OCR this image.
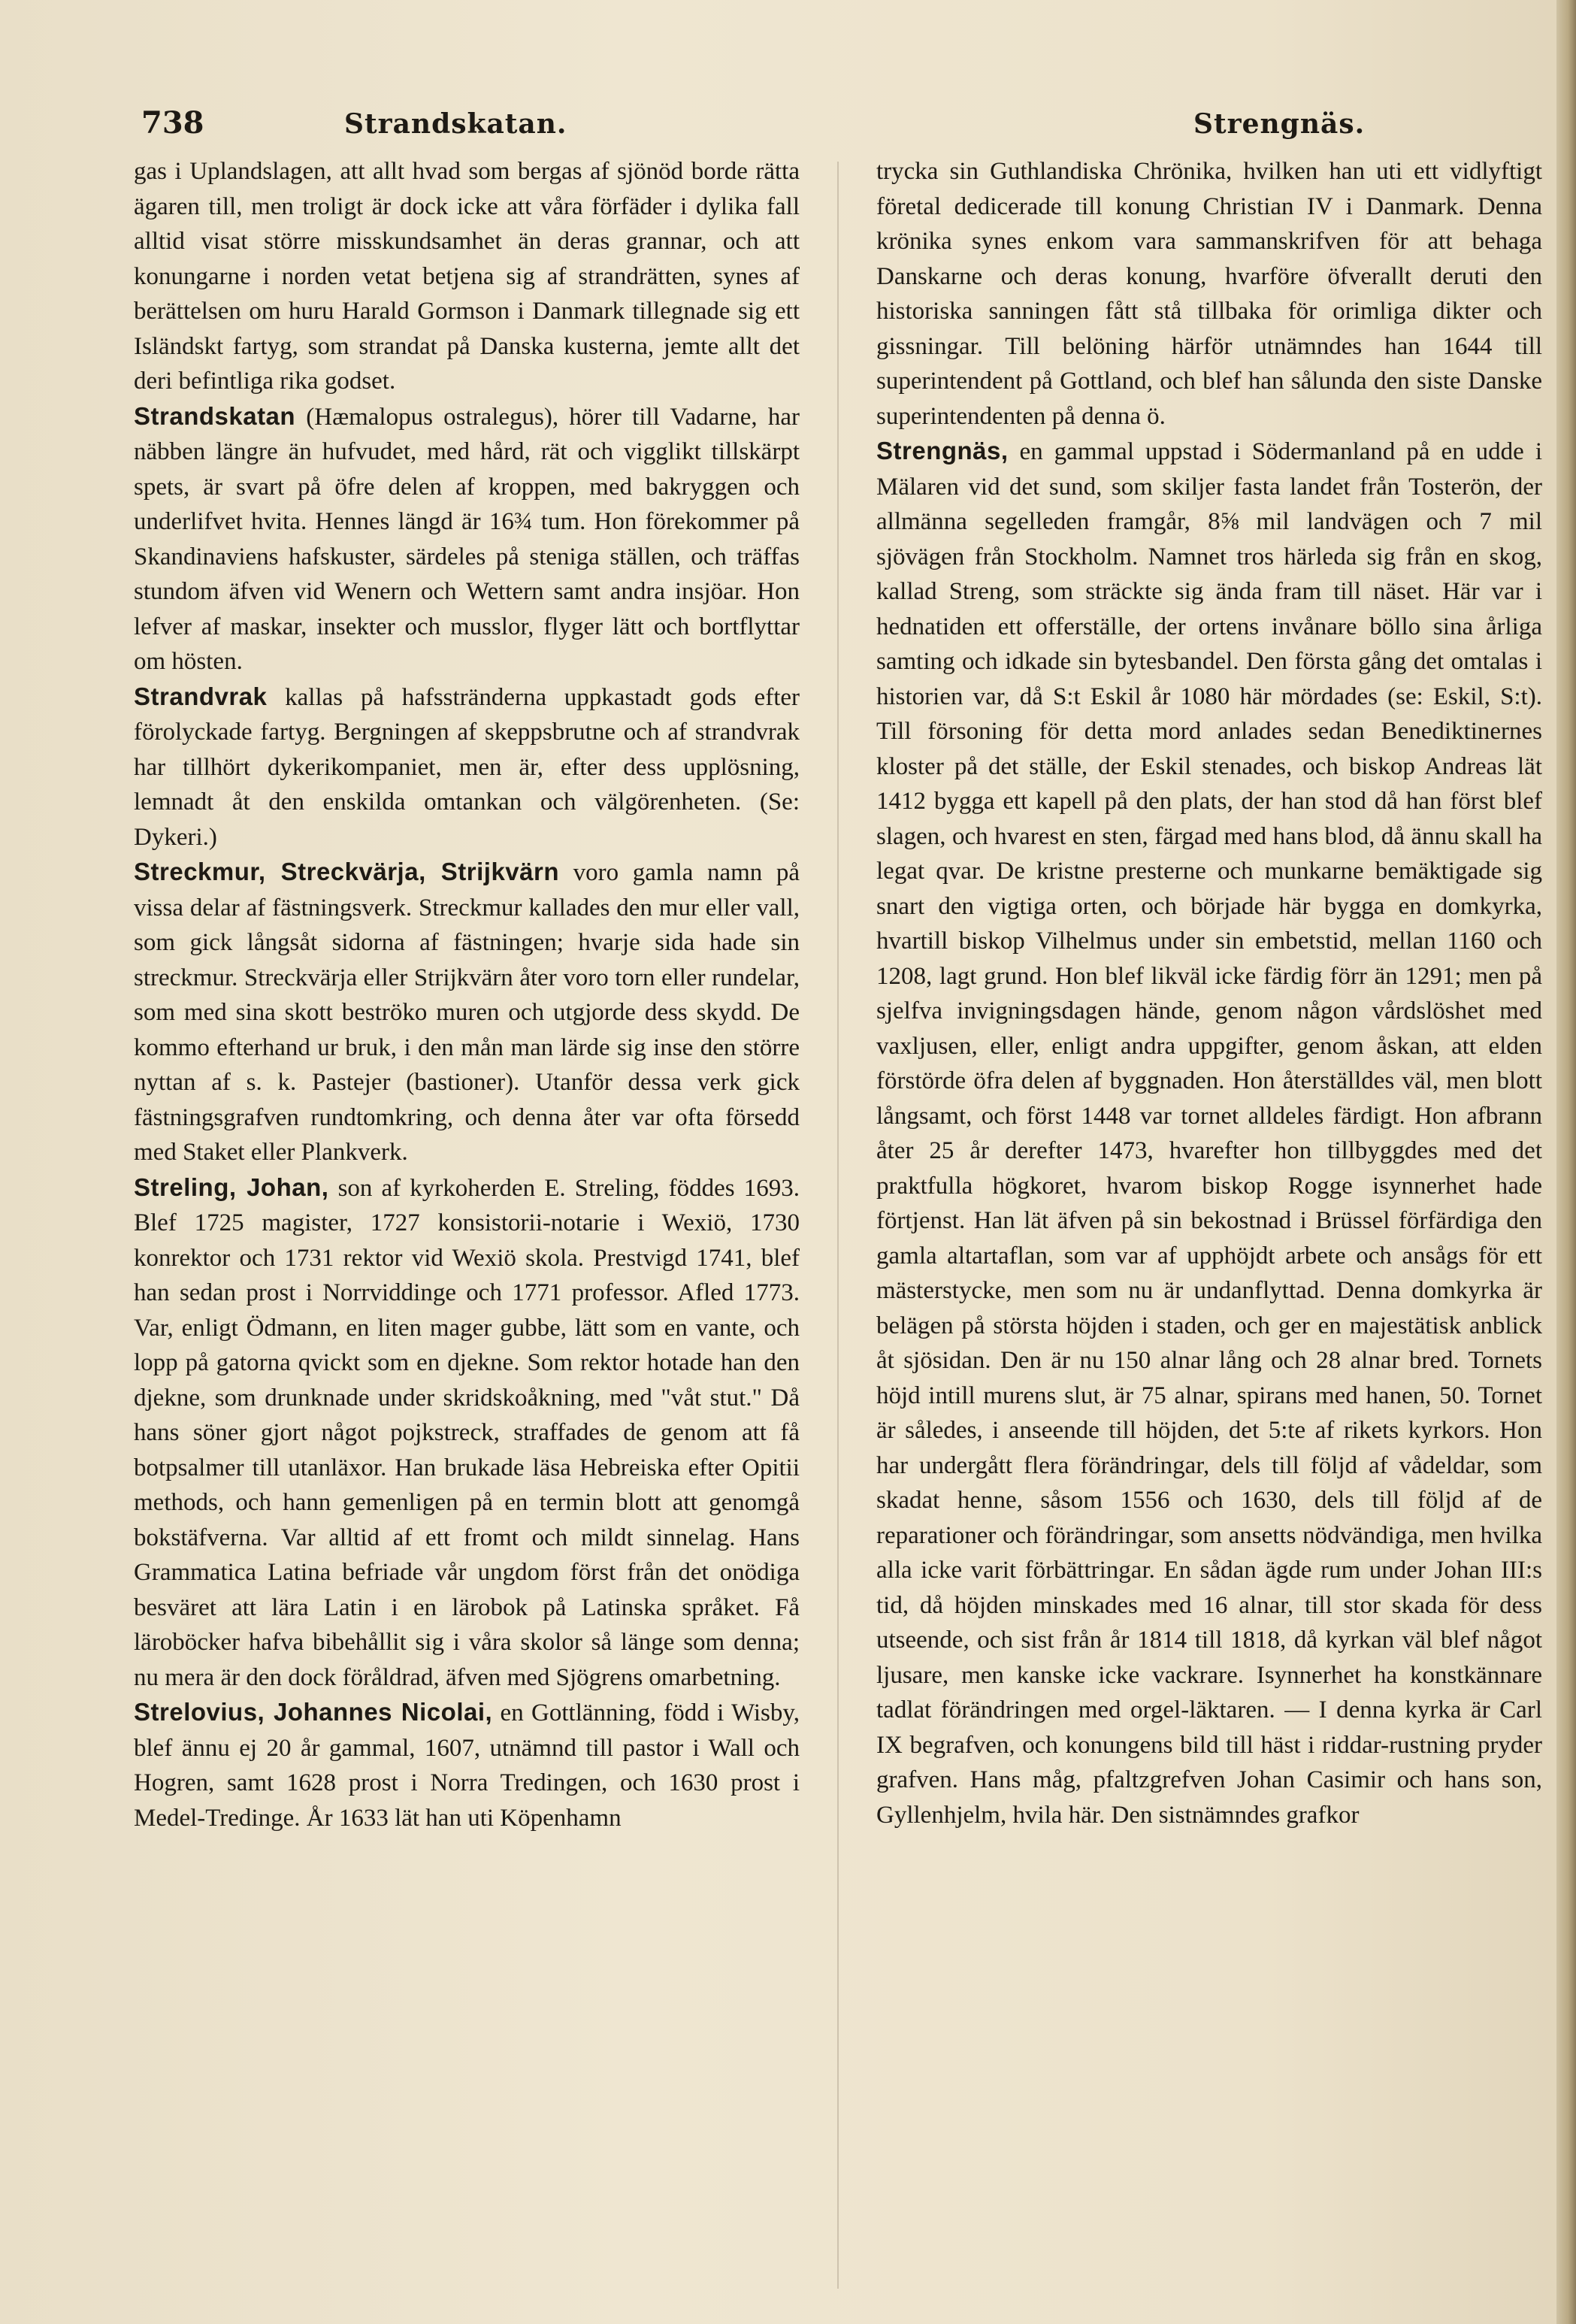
738	Strandskatan.	Strengnäs.

gas i Uplandslagen, att allt hvad som bergas af sjönöd borde rätta ägaren till, men troligt är dock icke att våra förfäder i dylika fall alltid visat större misskundsamhet än deras grannar, och att konungarne i norden vetat betjena sig af strandrätten, synes af berättelsen om huru Harald Gormson i Danmark tillegnade sig ett Isländskt fartyg, som strandat på Danska kusterna, jemte allt det deri befintliga rika godset.

Strandskatan (Hæmalopus ostralegus), hörer till Vadarne, har näbben längre än hufvudet, med hård, rät och vigglikt tillskärpt spets, är svart på öfre delen af kroppen, med bakryggen och underlifvet hvita. Hennes längd är 16¾ tum. Hon förekommer på Skandinaviens hafskuster, särdeles på steniga ställen, och träffas stundom äfven vid Wenern och Wettern samt andra insjöar. Hon lefver af maskar, insekter och musslor, flyger lätt och bortflyttar om hösten.

Strandvrak kallas på hafsstränderna uppkastadt gods efter förolyckade fartyg. Bergningen af skeppsbrutne och af strandvrak har tillhört dykerikompaniet, men är, efter dess upplösning, lemnadt åt den enskilda omtankan och välgörenheten. (Se: Dykeri.)

Streckmur, Streckvärja, Strijkvärn voro gamla namn på vissa delar af fästningsverk. Streckmur kallades den mur eller vall, som gick långsåt sidorna af fästningen; hvarje sida hade sin streckmur. Streckvärja eller Strijkvärn åter voro torn eller rundelar, som med sina skott beströko muren och utgjorde dess skydd. De kommo efterhand ur bruk, i den mån man lärde sig inse den större nyttan af s. k. Pastejer (bastioner). Utanför dessa verk gick fästningsgrafven rundtomkring, och denna åter var ofta försedd med Staket eller Plankverk.

Streling, Johan, son af kyrkoherden E. Streling, föddes 1693. Blef 1725 magister, 1727 konsistorii-notarie i Wexiö, 1730 konrektor och 1731 rektor vid Wexiö skola. Prestvigd 1741, blef han sedan prost i Norrviddinge och 1771 professor. Afled 1773. Var, enligt Ödmann, en liten mager gubbe, lätt som en vante, och lopp på gatorna qvickt som en djekne. Som rektor hotade han den djekne, som drunknade under skridskoåkning, med "våt stut." Då hans söner gjort något pojkstreck, straffades de genom att få botpsalmer till utanläxor. Han brukade läsa Hebreiska efter Opitii methods, och hann gemenligen på en termin blott att genomgå bokstäfverna. Var alltid af ett fromt och mildt sinnelag. Hans Grammatica Latina befriade vår ungdom först från det onödiga besväret att lära Latin i en lärobok på Latinska språket. Få läroböcker hafva bibehållit sig i våra skolor så länge som denna; nu mera är den dock föråldrad, äfven med Sjögrens omarbetning.

Strelovius, Johannes Nicolai, en Gottlänning, född i Wisby, blef ännu ej 20 år gammal, 1607, utnämnd till pastor i Wall och Hogren, samt 1628 prost i Norra Tredingen, och 1630 prost i Medel-Tredinge. År 1633 lät han uti Köpenhamn

trycka sin Guthlandiska Chrönika, hvilken han uti ett vidlyftigt företal dedicerade till konung Christian IV i Danmark. Denna krönika synes enkom vara sammanskrifven för att behaga Danskarne och deras konung, hvarföre öfverallt deruti den historiska sanningen fått stå tillbaka för orimliga dikter och gissningar. Till belöning härför utnämndes han 1644 till superintendent på Gottland, och blef han sålunda den siste Danske superintendenten på denna ö.

Strengnäs, en gammal uppstad i Södermanland på en udde i Mälaren vid det sund, som skiljer fasta landet från Tosterön, der allmänna segelleden framgår, 8⅝ mil landvägen och 7 mil sjövägen från Stockholm. Namnet tros härleda sig från en skog, kallad Streng, som sträckte sig ända fram till näset. Här var i hednatiden ett offerställe, der ortens invånare böllo sina årliga samting och idkade sin bytesbandel. Den första gång det omtalas i historien var, då S:t Eskil år 1080 här mördades (se: Eskil, S:t). Till försoning för detta mord anlades sedan Benediktinernes kloster på det ställe, der Eskil stenades, och biskop Andreas lät 1412 bygga ett kapell på den plats, der han stod då han först blef slagen, och hvarest en sten, färgad med hans blod, då ännu skall ha legat qvar. De kristne presterne och munkarne bemäktigade sig snart den vigtiga orten, och började här bygga en domkyrka, hvartill biskop Vilhelmus under sin embetstid, mellan 1160 och 1208, lagt grund. Hon blef likväl icke färdig förr än 1291; men på sjelfva invigningsdagen hände, genom någon vårdslöshet med vaxljusen, eller, enligt andra uppgifter, genom åskan, att elden förstörde öfra delen af byggnaden. Hon återställdes väl, men blott långsamt, och först 1448 var tornet alldeles färdigt. Hon afbrann åter 25 år derefter 1473, hvarefter hon tillbyggdes med det praktfulla högkoret, hvarom biskop Rogge isynnerhet hade förtjenst. Han lät äfven på sin bekostnad i Brüssel förfärdiga den gamla altartaflan, som var af upphöjdt arbete och ansågs för ett mästerstycke, men som nu är undanflyttad. Denna domkyrka är belägen på största höjden i staden, och ger en majestätisk anblick åt sjösidan. Den är nu 150 alnar lång och 28 alnar bred. Tornets höjd intill murens slut, är 75 alnar, spirans med hanen, 50. Tornet är således, i anseende till höjden, det 5:te af rikets kyrkors. Hon har undergått flera förändringar, dels till följd af vådeldar, som skadat henne, såsom 1556 och 1630, dels till följd af de reparationer och förändringar, som ansetts nödvändiga, men hvilka alla icke varit förbättringar. En sådan ägde rum under Johan III:s tid, då höjden minskades med 16 alnar, till stor skada för dess utseende, och sist från år 1814 till 1818, då kyrkan väl blef något ljusare, men kanske icke vackrare. Isynnerhet ha konstkännare tadlat förändringen med orgel-läktaren. — I denna kyrka är Carl IX begrafven, och konungens bild till häst i riddar-rustning pryder grafven. Hans måg, pfaltzgrefven Johan Casimir och hans son, Gyllenhjelm, hvila här. Den sistnämndes grafkor
